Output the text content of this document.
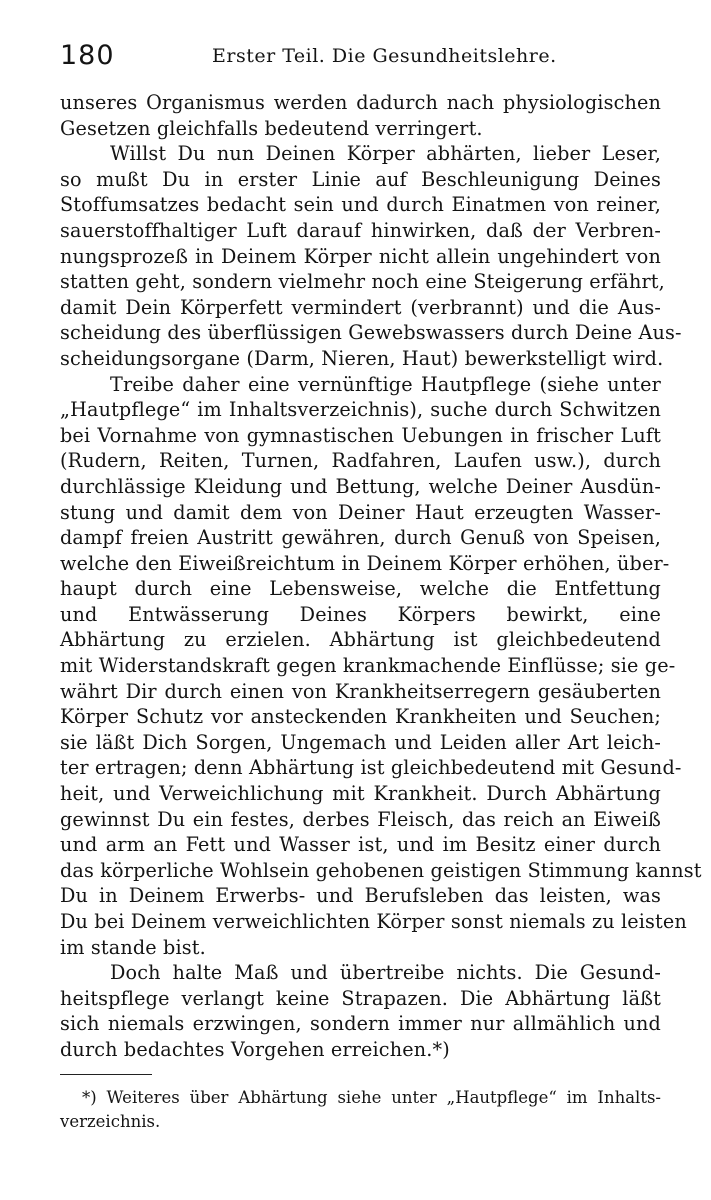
180	Erster Teil. Die Gesundheitslehre.
unseres Organismus werden dadurch nach physiologischen
Gesetzen gleichfalls bedeutend verringert.
Willst Du nun Deinen Körper abhärten, lieber Leser,
so mußt Du in erster Linie auf Beschleunigung Deines
Stoffumsatzes bedacht sein und durch Einatmen von reiner,
sauerstoffhaltiger Luft darauf hinwirken, daß der Verbren-
nungsprozeß in Deinem Körper nicht allein ungehindert von
statten geht, sondern vielmehr noch eine Steigerung erfährt,
damit Dein Körperfett vermindert (verbrannt) und die Aus-
scheidung des überflüssigen Gewebswassers durch Deine Aus-
scheidungsorgane (Darm, Nieren, Haut) bewerkstelligt wird.
Treibe daher eine vernünftige Hautpflege (siehe unter
„Hautpflege“ im Inhaltsverzeichnis), suche durch Schwitzen
bei Vornahme von gymnastischen Uebungen in frischer Luft
(Rudern, Reiten, Turnen, Radfahren, Laufen usw.), durch
durchlässige Kleidung und Bettung, welche Deiner Ausdün-
stung und damit dem von Deiner Haut erzeugten Wasser-
dampf freien Austritt gewähren, durch Genuß von Speisen,
welche den Eiweißreichtum in Deinem Körper erhöhen, über-
haupt durch eine Lebensweise, welche die Entfettung
und Entwässerung Deines Körpers bewirkt, eine
Abhärtung zu erzielen. Abhärtung ist gleichbedeutend
mit Widerstandskraft gegen krankmachende Einflüsse; sie ge-
währt Dir durch einen von Krankheitserregern gesäuberten
Körper Schutz vor ansteckenden Krankheiten und Seuchen;
sie läßt Dich Sorgen, Ungemach und Leiden aller Art leich-
ter ertragen; denn Abhärtung ist gleichbedeutend mit Gesund-
heit, und Verweichlichung mit Krankheit. Durch Abhärtung
gewinnst Du ein festes, derbes Fleisch, das reich an Eiweiß
und arm an Fett und Wasser ist, und im Besitz einer durch
das körperliche Wohlsein gehobenen geistigen Stimmung kannst
Du in Deinem Erwerbs- und Berufsleben das leisten, was
Du bei Deinem verweichlichten Körper sonst niemals zu leisten
im stande bist.
Doch halte Maß und übertreibe nichts. Die Gesund-
heitspflege verlangt keine Strapazen. Die Abhärtung läßt
sich niemals erzwingen, sondern immer nur allmählich und
durch bedachtes Vorgehen erreichen.*)
*) Weiteres über Abhärtung siehe unter „Hautpflege“ im Inhalts-
verzeichnis.
